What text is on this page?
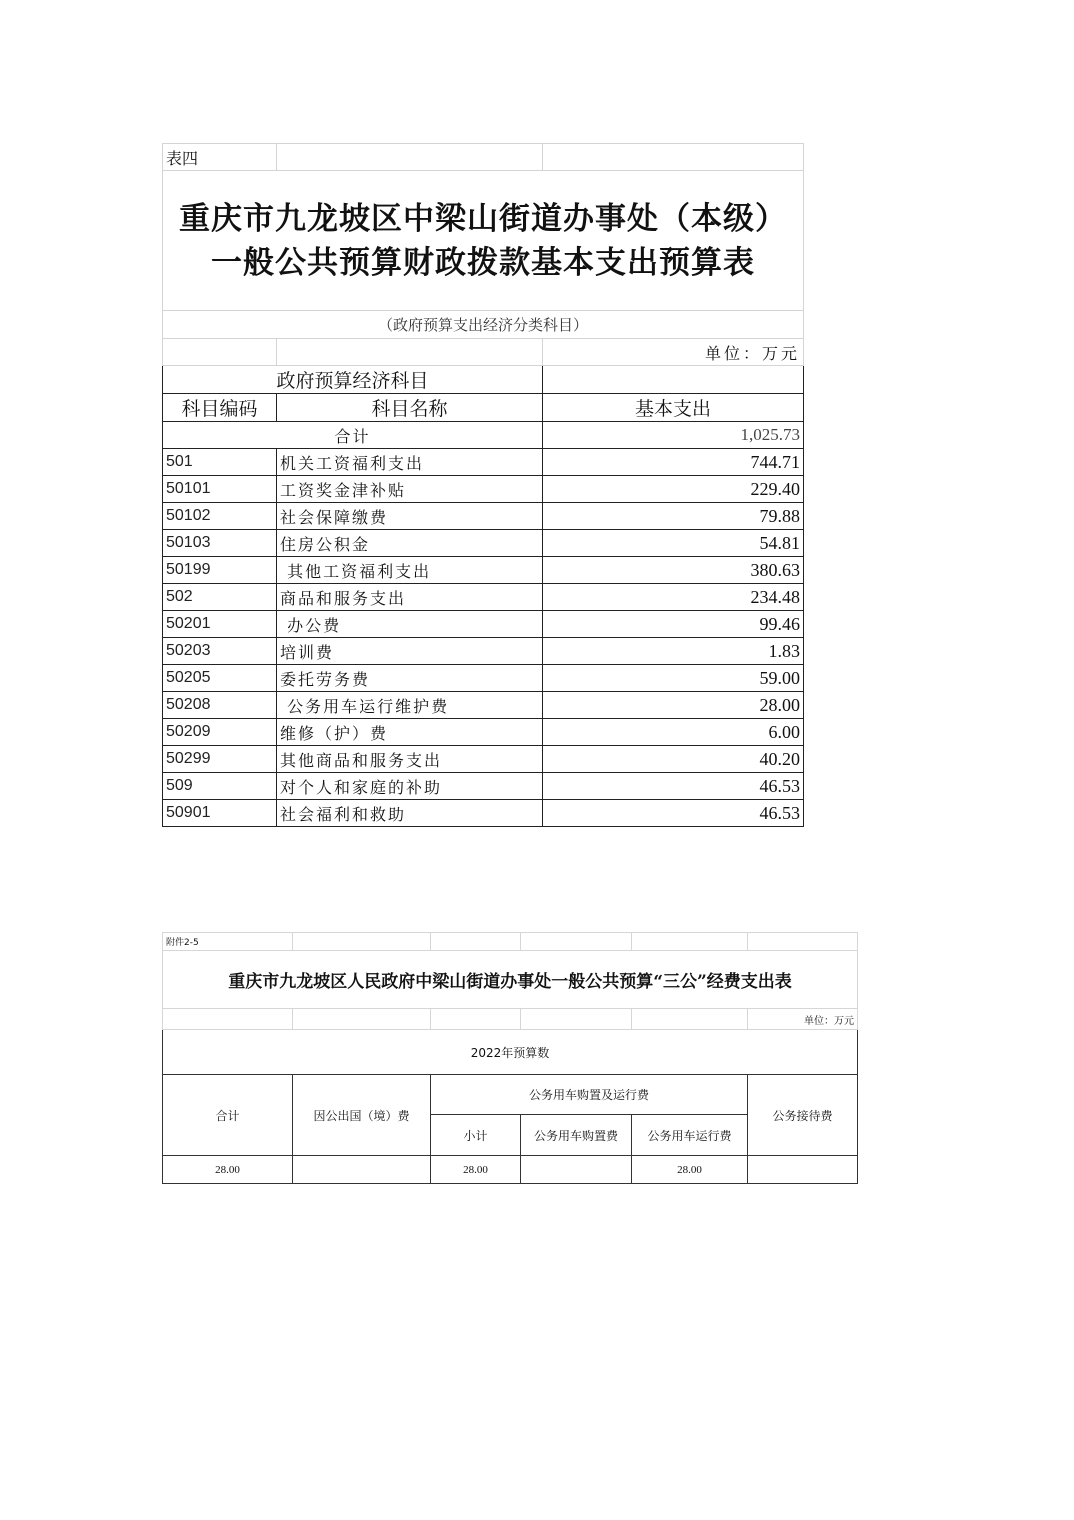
表四		

重庆市九龙坡区中梁山街道办事处（本级）
一般公共预算财政拨款基本支出预算表		

（政府预算支出经济分类科目）		
		单位：万元
政府预算经济科目		
科目编码	科目名称	基本支出
合计		1,025.73
501	机关工资福利支出	744.71
50101	工资奖金津补贴	229.40
50102	社会保障缴费	79.88
50103	住房公积金	54.81
50199	其他工资福利支出	380.63
502	商品和服务支出	234.48
50201	办公费	99.46
50203	培训费	1.83
50205	委托劳务费	59.00
50208	公务用车运行维护费	28.00
50209	维修（护）费	6.00
50299	其他商品和服务支出	40.20
509	对个人和家庭的补助	46.53
50901	社会福利和救助	46.53
附件2-5					
重庆市九龙坡区人民政府中梁山街道办事处一般公共预算“三公”经费支出表					
					单位：万元
2022年预算数					
合计	因公出国（境）费	公务用车购置及运行费			公务接待费
		小计	公务用车购置费	公务用车运行费	
28.00		28.00		28.00	
